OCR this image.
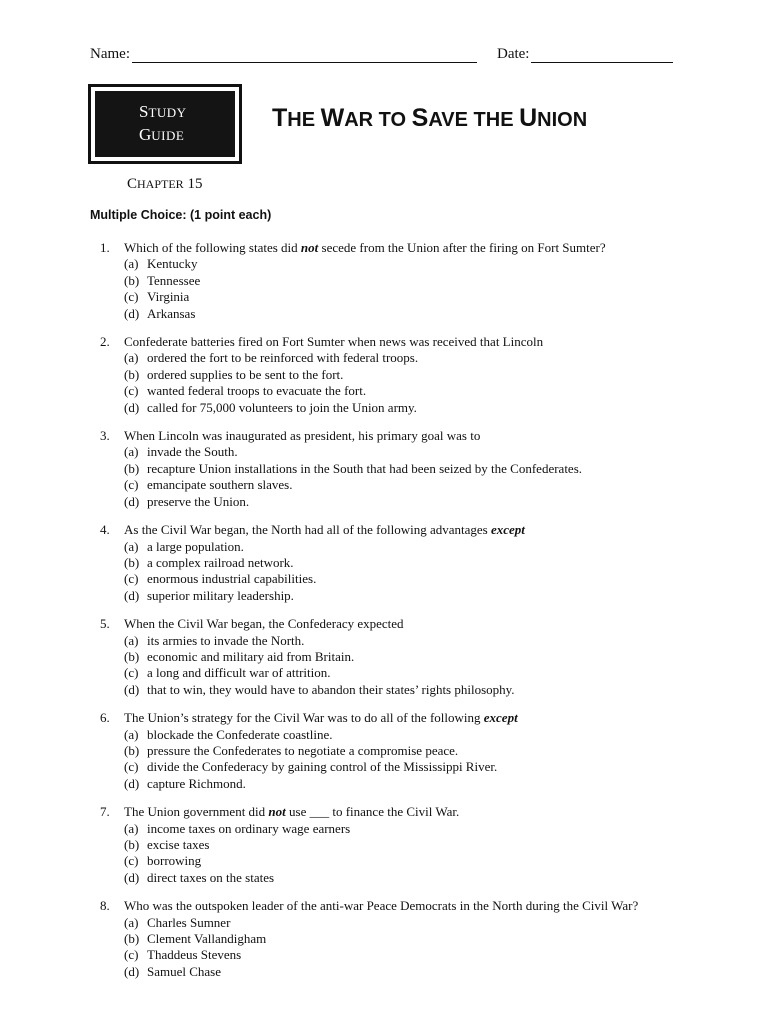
Name:	Date:
STUDY
GUIDE
THE WAR TO SAVE THE UNION
CHAPTER 15
Multiple Choice: (1 point each)
1.	Which of the following states did not secede from the Union after the firing on Fort Sumter?
(a) Kentucky
(b) Tennessee
(c) Virginia
(d) Arkansas
2.	Confederate batteries fired on Fort Sumter when news was received that Lincoln
(a) ordered the fort to be reinforced with federal troops.
(b) ordered supplies to be sent to the fort.
(c) wanted federal troops to evacuate the fort.
(d) called for 75,000 volunteers to join the Union army.
3.	When Lincoln was inaugurated as president, his primary goal was to
(a) invade the South.
(b) recapture Union installations in the South that had been seized by the Confederates.
(c) emancipate southern slaves.
(d) preserve the Union.
4.	As the Civil War began, the North had all of the following advantages except
(a) a large population.
(b) a complex railroad network.
(c) enormous industrial capabilities.
(d) superior military leadership.
5.	When the Civil War began, the Confederacy expected
(a) its armies to invade the North.
(b) economic and military aid from Britain.
(c) a long and difficult war of attrition.
(d) that to win, they would have to abandon their states’ rights philosophy.
6.	The Union’s strategy for the Civil War was to do all of the following except
(a) blockade the Confederate coastline.
(b) pressure the Confederates to negotiate a compromise peace.
(c) divide the Confederacy by gaining control of the Mississippi River.
(d) capture Richmond.
7.	The Union government did not use ___ to finance the Civil War.
(a) income taxes on ordinary wage earners
(b) excise taxes
(c) borrowing
(d) direct taxes on the states
8.	Who was the outspoken leader of the anti-war Peace Democrats in the North during the Civil War?
(a) Charles Sumner
(b) Clement Vallandigham
(c) Thaddeus Stevens
(d) Samuel Chase
